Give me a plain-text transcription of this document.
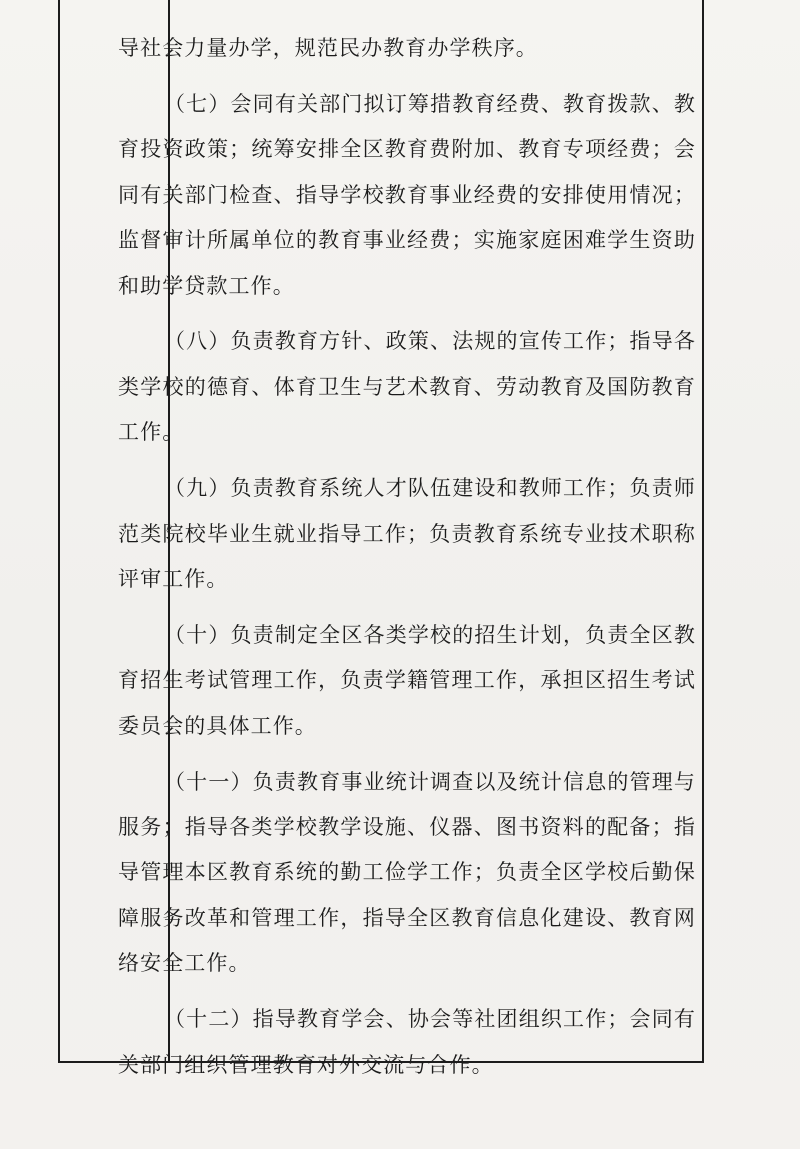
导社会力量办学，规范民办教育办学秩序。

（七）会同有关部门拟订筹措教育经费、教育拨款、教育投资政策；统筹安排全区教育费附加、教育专项经费；会同有关部门检查、指导学校教育事业经费的安排使用情况；监督审计所属单位的教育事业经费；实施家庭困难学生资助和助学贷款工作。

（八）负责教育方针、政策、法规的宣传工作；指导各类学校的德育、体育卫生与艺术教育、劳动教育及国防教育工作。

（九）负责教育系统人才队伍建设和教师工作；负责师范类院校毕业生就业指导工作；负责教育系统专业技术职称评审工作。

（十）负责制定全区各类学校的招生计划，负责全区教育招生考试管理工作，负责学籍管理工作，承担区招生考试委员会的具体工作。

（十一）负责教育事业统计调查以及统计信息的管理与服务；指导各类学校教学设施、仪器、图书资料的配备；指导管理本区教育系统的勤工俭学工作；负责全区学校后勤保障服务改革和管理工作，指导全区教育信息化建设、教育网络安全工作。

（十二）指导教育学会、协会等社团组织工作；会同有关部门组织管理教育对外交流与合作。
